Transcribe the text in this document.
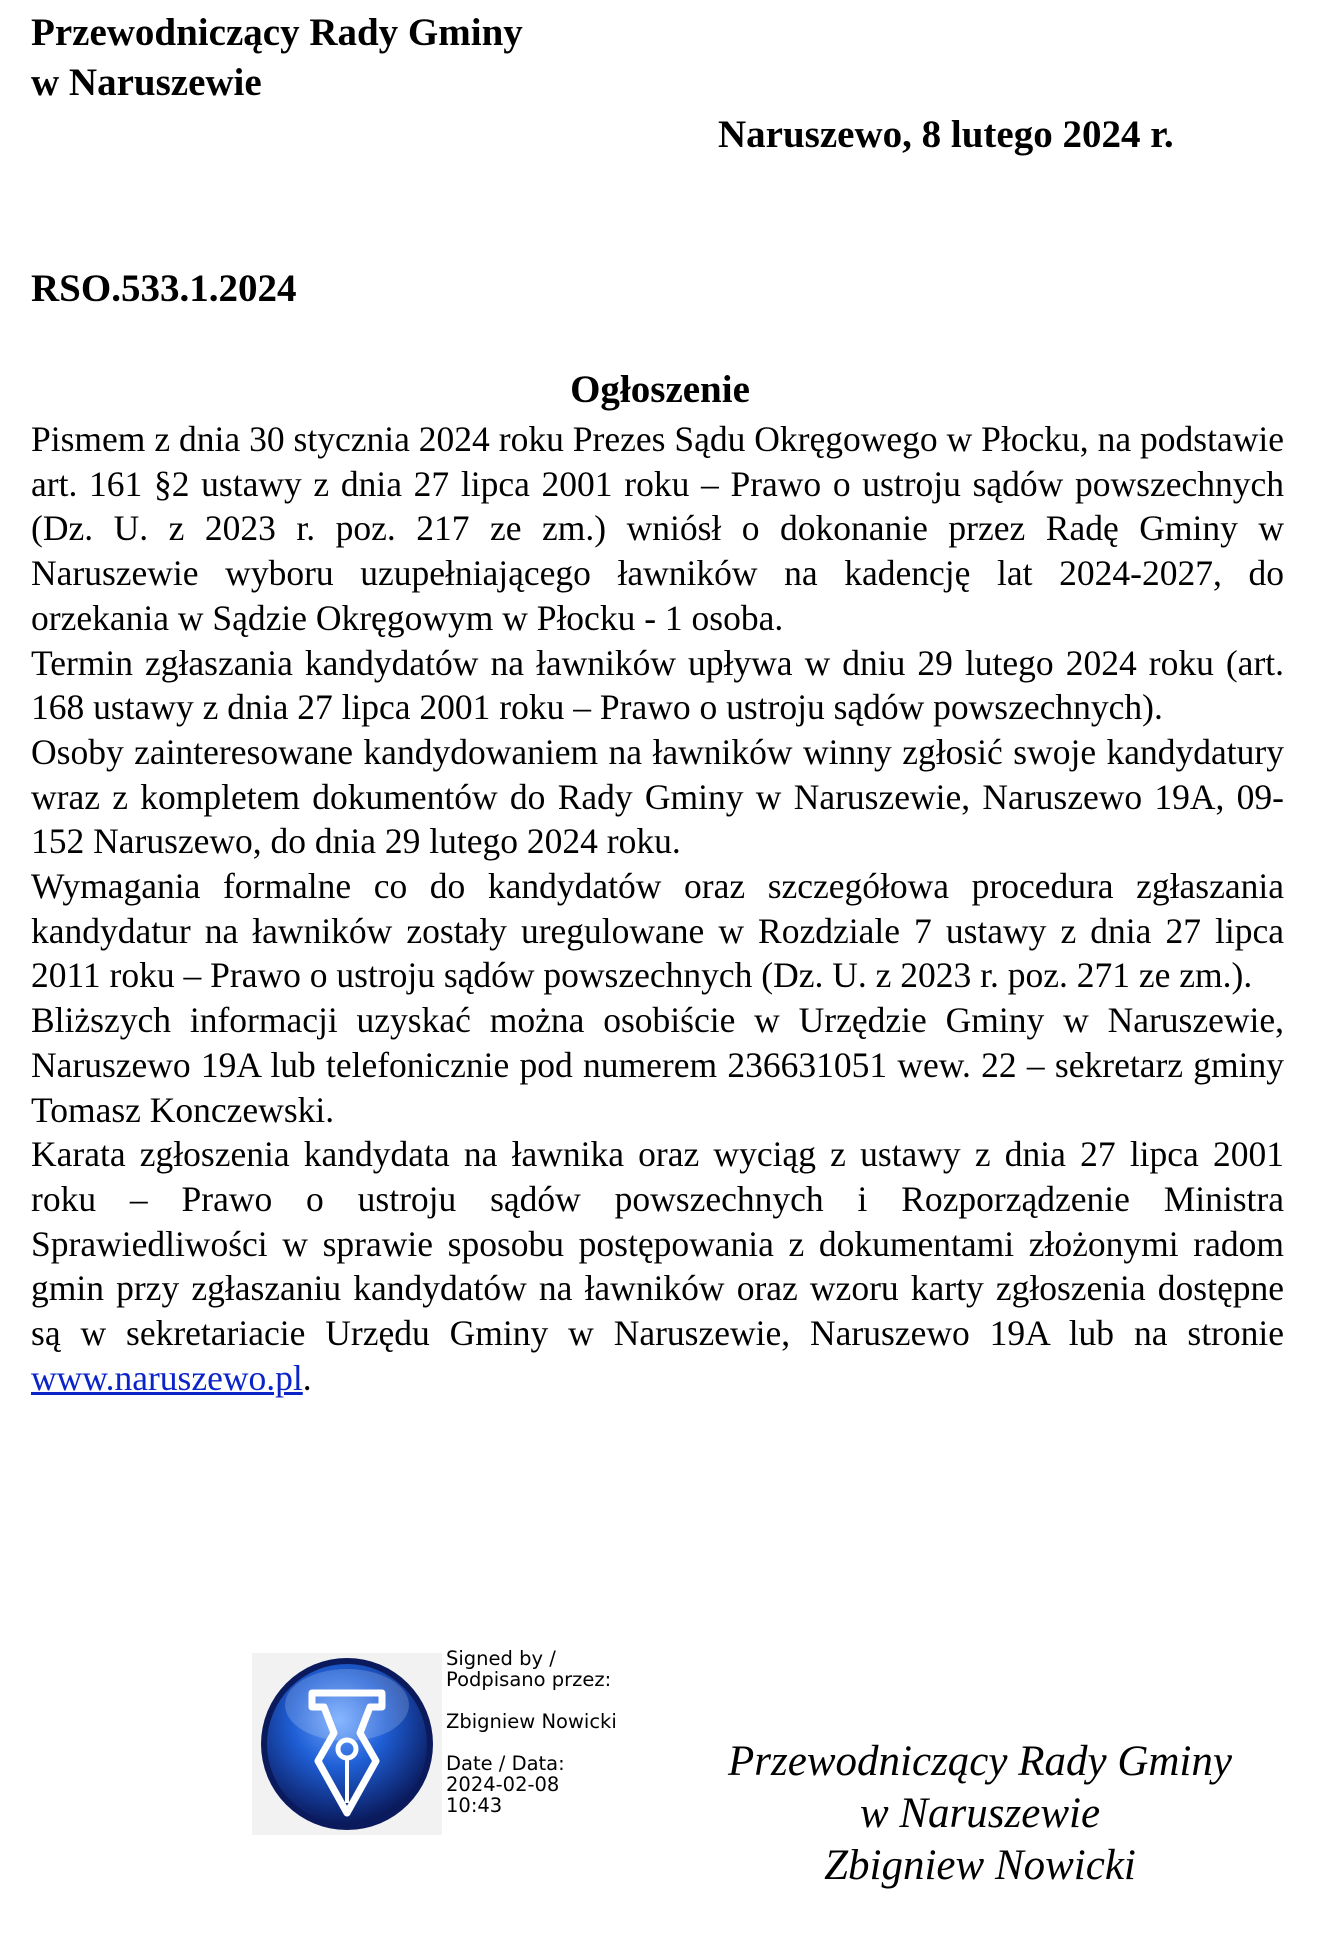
Przewodniczący Rady Gminy
w Naruszewie
Naruszewo, 8 lutego 2024 r.
RSO.533.1.2024
Ogłoszenie

Pismem z dnia 30 stycznia 2024 roku Prezes Sądu Okręgowego w Płocku, na podstawie art. 161 §2 ustawy z dnia 27 lipca 2001 roku – Prawo o ustroju sądów powszechnych (Dz. U. z 2023 r. poz. 217 ze zm.) wniósł o dokonanie przez Radę Gminy w Naruszewie wyboru uzupełniającego ławników na kadencję lat 2024-2027, do orzekania w Sądzie Okręgowym w Płocku - 1 osoba.

Termin zgłaszania kandydatów na ławników upływa w dniu 29 lutego 2024 roku (art. 168 ustawy z dnia 27 lipca 2001 roku – Prawo o ustroju sądów powszechnych).

Osoby zainteresowane kandydowaniem na ławników winny zgłosić swoje kandydatury wraz z kompletem dokumentów do Rady Gminy w Naruszewie, Naruszewo 19A, 09-152 Naruszewo, do dnia 29 lutego 2024 roku.

Wymagania formalne co do kandydatów oraz szczegółowa procedura zgłaszania kandydatur na ławników zostały uregulowane w Rozdziale 7 ustawy z dnia 27 lipca 2011 roku – Prawo o ustroju sądów powszechnych (Dz. U. z 2023 r. poz. 271 ze zm.).

Bliższych informacji uzyskać można osobiście w Urzędzie Gminy w Naruszewie, Naruszewo 19A lub telefonicznie pod numerem 236631051 wew. 22 – sekretarz gminy Tomasz Konczewski.

Karata zgłoszenia kandydata na ławnika oraz wyciąg z ustawy z dnia 27 lipca 2001 roku – Prawo o ustroju sądów powszechnych i Rozporządzenie Ministra Sprawiedliwości w sprawie sposobu postępowania z dokumentami złożonymi radom gmin przy zgłaszaniu kandydatów na ławników oraz wzoru karty zgłoszenia dostępne są w sekretariacie Urzędu Gminy w Naruszewie, Naruszewo 19A lub na stronie www.naruszewo.pl.

Signed by /
Podpisano przez:
Zbigniew Nowicki
Date / Data:
2024-02-08
10:43
Przewodniczący Rady Gminy
w Naruszewie
Zbigniew Nowicki
